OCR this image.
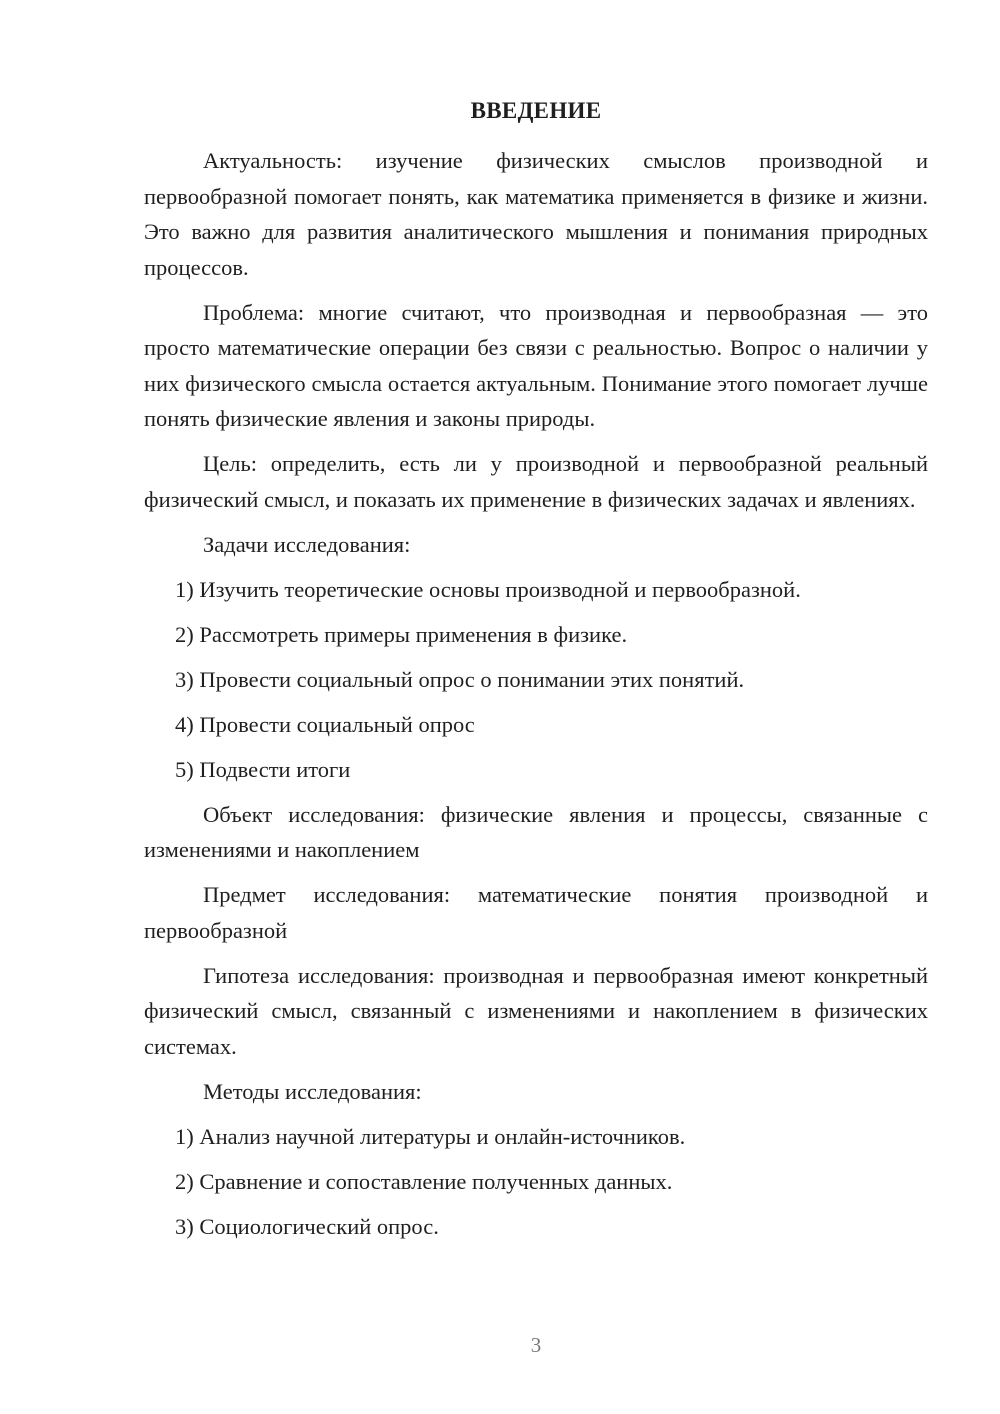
ВВЕДЕНИЕ

Актуальность: изучение физических смыслов производной и первообразной помогает понять, как математика применяется в физике и жизни. Это важно для развития аналитического мышления и понимания природных процессов.

Проблема: многие считают, что производная и первообразная — это просто математические операции без связи с реальностью. Вопрос о наличии у них физического смысла остается актуальным. Понимание этого помогает лучше понять физические явления и законы природы.

Цель: определить, есть ли у производной и первообразной реальный физический смысл, и показать их применение в физических задачах и явлениях.

Задачи исследования:

1) Изучить теоретические основы производной и первообразной.

2) Рассмотреть примеры применения в физике.

3) Провести социальный опрос о понимании этих понятий.

4) Провести социальный опрос

5) Подвести итоги

Объект исследования: физические явления и процессы, связанные с изменениями и накоплением

Предмет исследования: математические понятия производной и первообразной

Гипотеза исследования: производная и первообразная имеют конкретный физический смысл, связанный с изменениями и накоплением в физических системах.

Методы исследования:

1) Анализ научной литературы и онлайн-источников.

2) Сравнение и сопоставление полученных данных.

3) Социологический опрос.

3
